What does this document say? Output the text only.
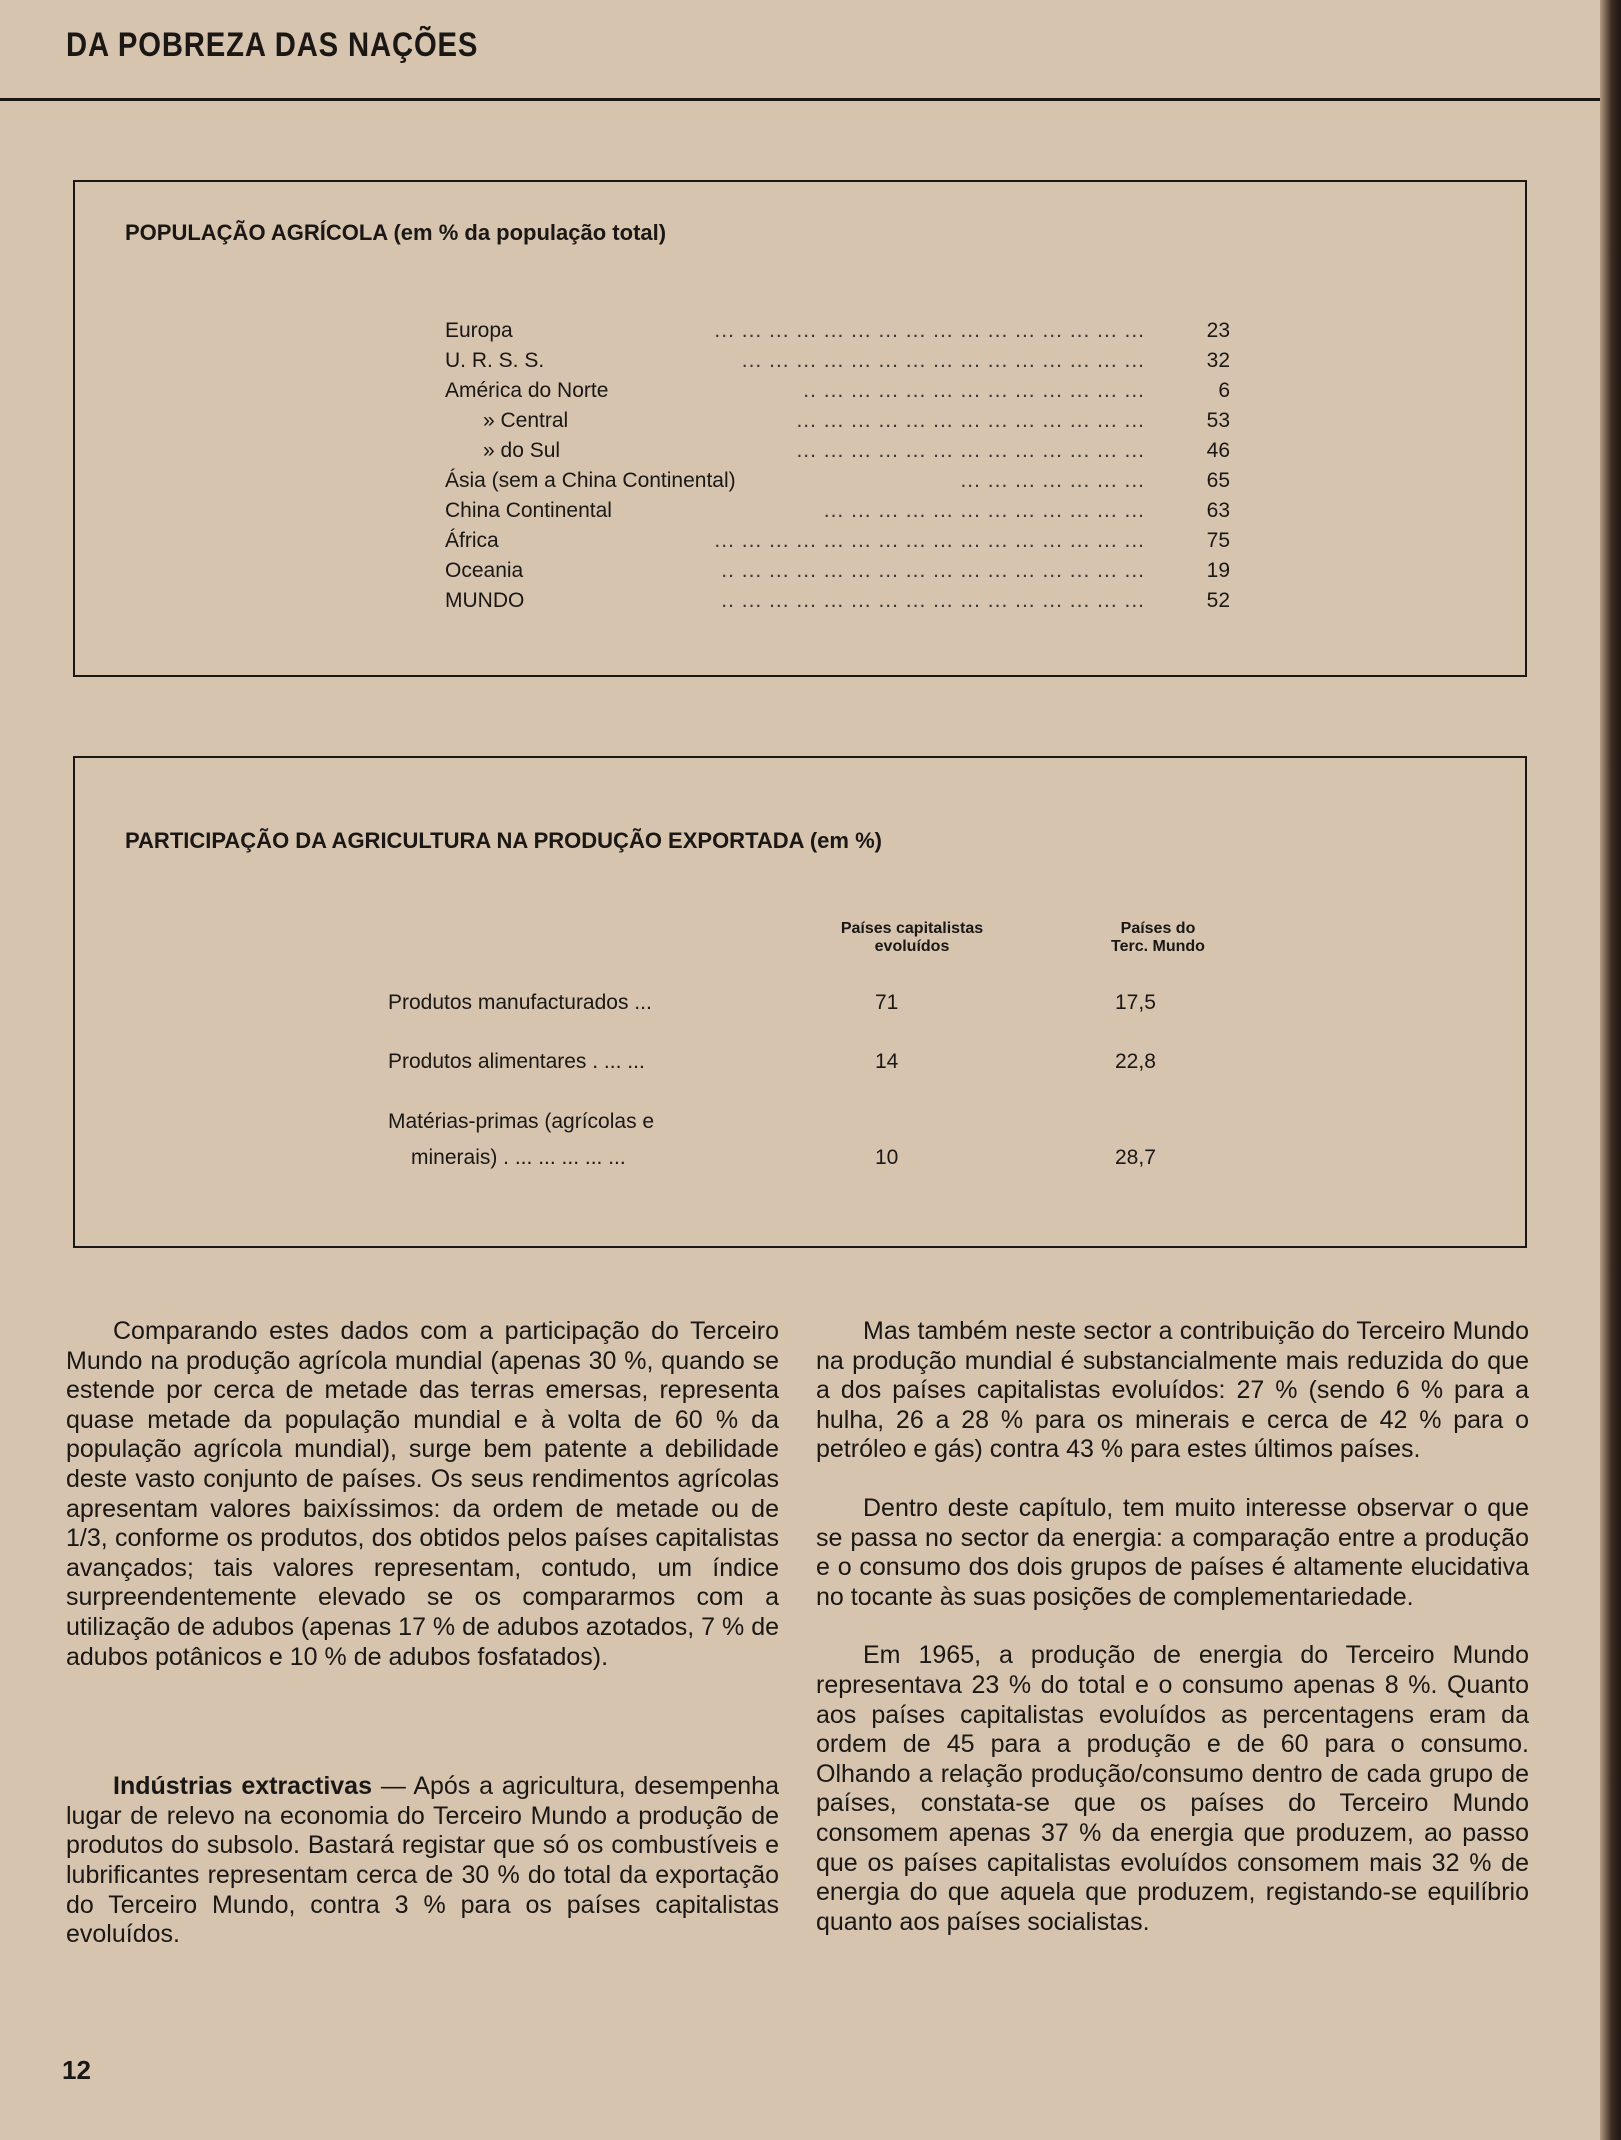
DA POBREZA DAS NAÇÕES
POPULAÇÃO AGRÍCOLA (em % da população total)
Europa	... ... ... ... ... ... ... ... ... ... ... ... ... ... ... ...	23
U. R. S. S.	... ... ... ... ... ... ... ... ... ... ... ... ... ... ...	32
América do Norte	.. ... ... ... ... ... ... ... ... ... ... ... ...	6
» Central	... ... ... ... ... ... ... ... ... ... ... ... ...	53
» do Sul	... ... ... ... ... ... ... ... ... ... ... ... ...	46
Ásia (sem a China Continental)	... ... ... ... ... ... ...	65
China Continental	... ... ... ... ... ... ... ... ... ... ... ...	63
África	... ... ... ... ... ... ... ... ... ... ... ... ... ... ... ...	75
Oceania	.. ... ... ... ... ... ... ... ... ... ... ... ... ... ... ...	19
MUNDO	.. ... ... ... ... ... ... ... ... ... ... ... ... ... ... ...	52
PARTICIPAÇÃO DA AGRICULTURA NA PRODUÇÃO EXPORTADA (em %)
Países capitalistas
evoluídos
Países do
Terc. Mundo
Produtos manufacturados ...	71	17,5
Produtos alimentares . ... ...	14	22,8
Matérias-primas (agrícolas e
minerais) . ... ... ... ... ...	10	28,7

Comparando estes dados com a participação do Terceiro Mundo na produção agrícola mundial (apenas 30 %, quando se estende por cerca de metade das terras emersas, representa quase metade da população mundial e à volta de 60 % da população agrícola mundial), surge bem patente a debilidade deste vasto conjunto de países. Os seus rendimentos agrícolas apresentam valores baixíssimos: da ordem de metade ou de 1/3, conforme os produtos, dos obtidos pelos países capitalistas avançados; tais valores representam, contudo, um índice surpreendentemente elevado se os compararmos com a utilização de adubos (apenas 17 % de adubos azotados, 7 % de adubos potânicos e 10 % de adubos fosfatados).

Indústrias extractivas — Após a agricultura, desempenha lugar de relevo na economia do Terceiro Mundo a produção de produtos do subsolo. Bastará registar que só os combustíveis e lubrificantes representam cerca de 30 % do total da exportação do Terceiro Mundo, contra 3 % para os países capitalistas evoluídos.

Mas também neste sector a contribuição do Terceiro Mundo na produção mundial é substancialmente mais reduzida do que a dos países capitalistas evoluídos: 27 % (sendo 6 % para a hulha, 26 a 28 % para os minerais e cerca de 42 % para o petróleo e gás) contra 43 % para estes últimos países.

Dentro deste capítulo, tem muito interesse observar o que se passa no sector da energia: a comparação entre a produção e o consumo dos dois grupos de países é altamente elucidativa no tocante às suas posições de complementariedade.

Em 1965, a produção de energia do Terceiro Mundo representava 23 % do total e o consumo apenas 8 %. Quanto aos países capitalistas evoluídos as percentagens eram da ordem de 45 para a produção e de 60 para o consumo. Olhando a relação produção/consumo dentro de cada grupo de países, constata-se que os países do Terceiro Mundo consomem apenas 37 % da energia que produzem, ao passo que os países capitalistas evoluídos consomem mais 32 % de energia do que aquela que produzem, registando-se equilíbrio quanto aos países socialistas.

12
